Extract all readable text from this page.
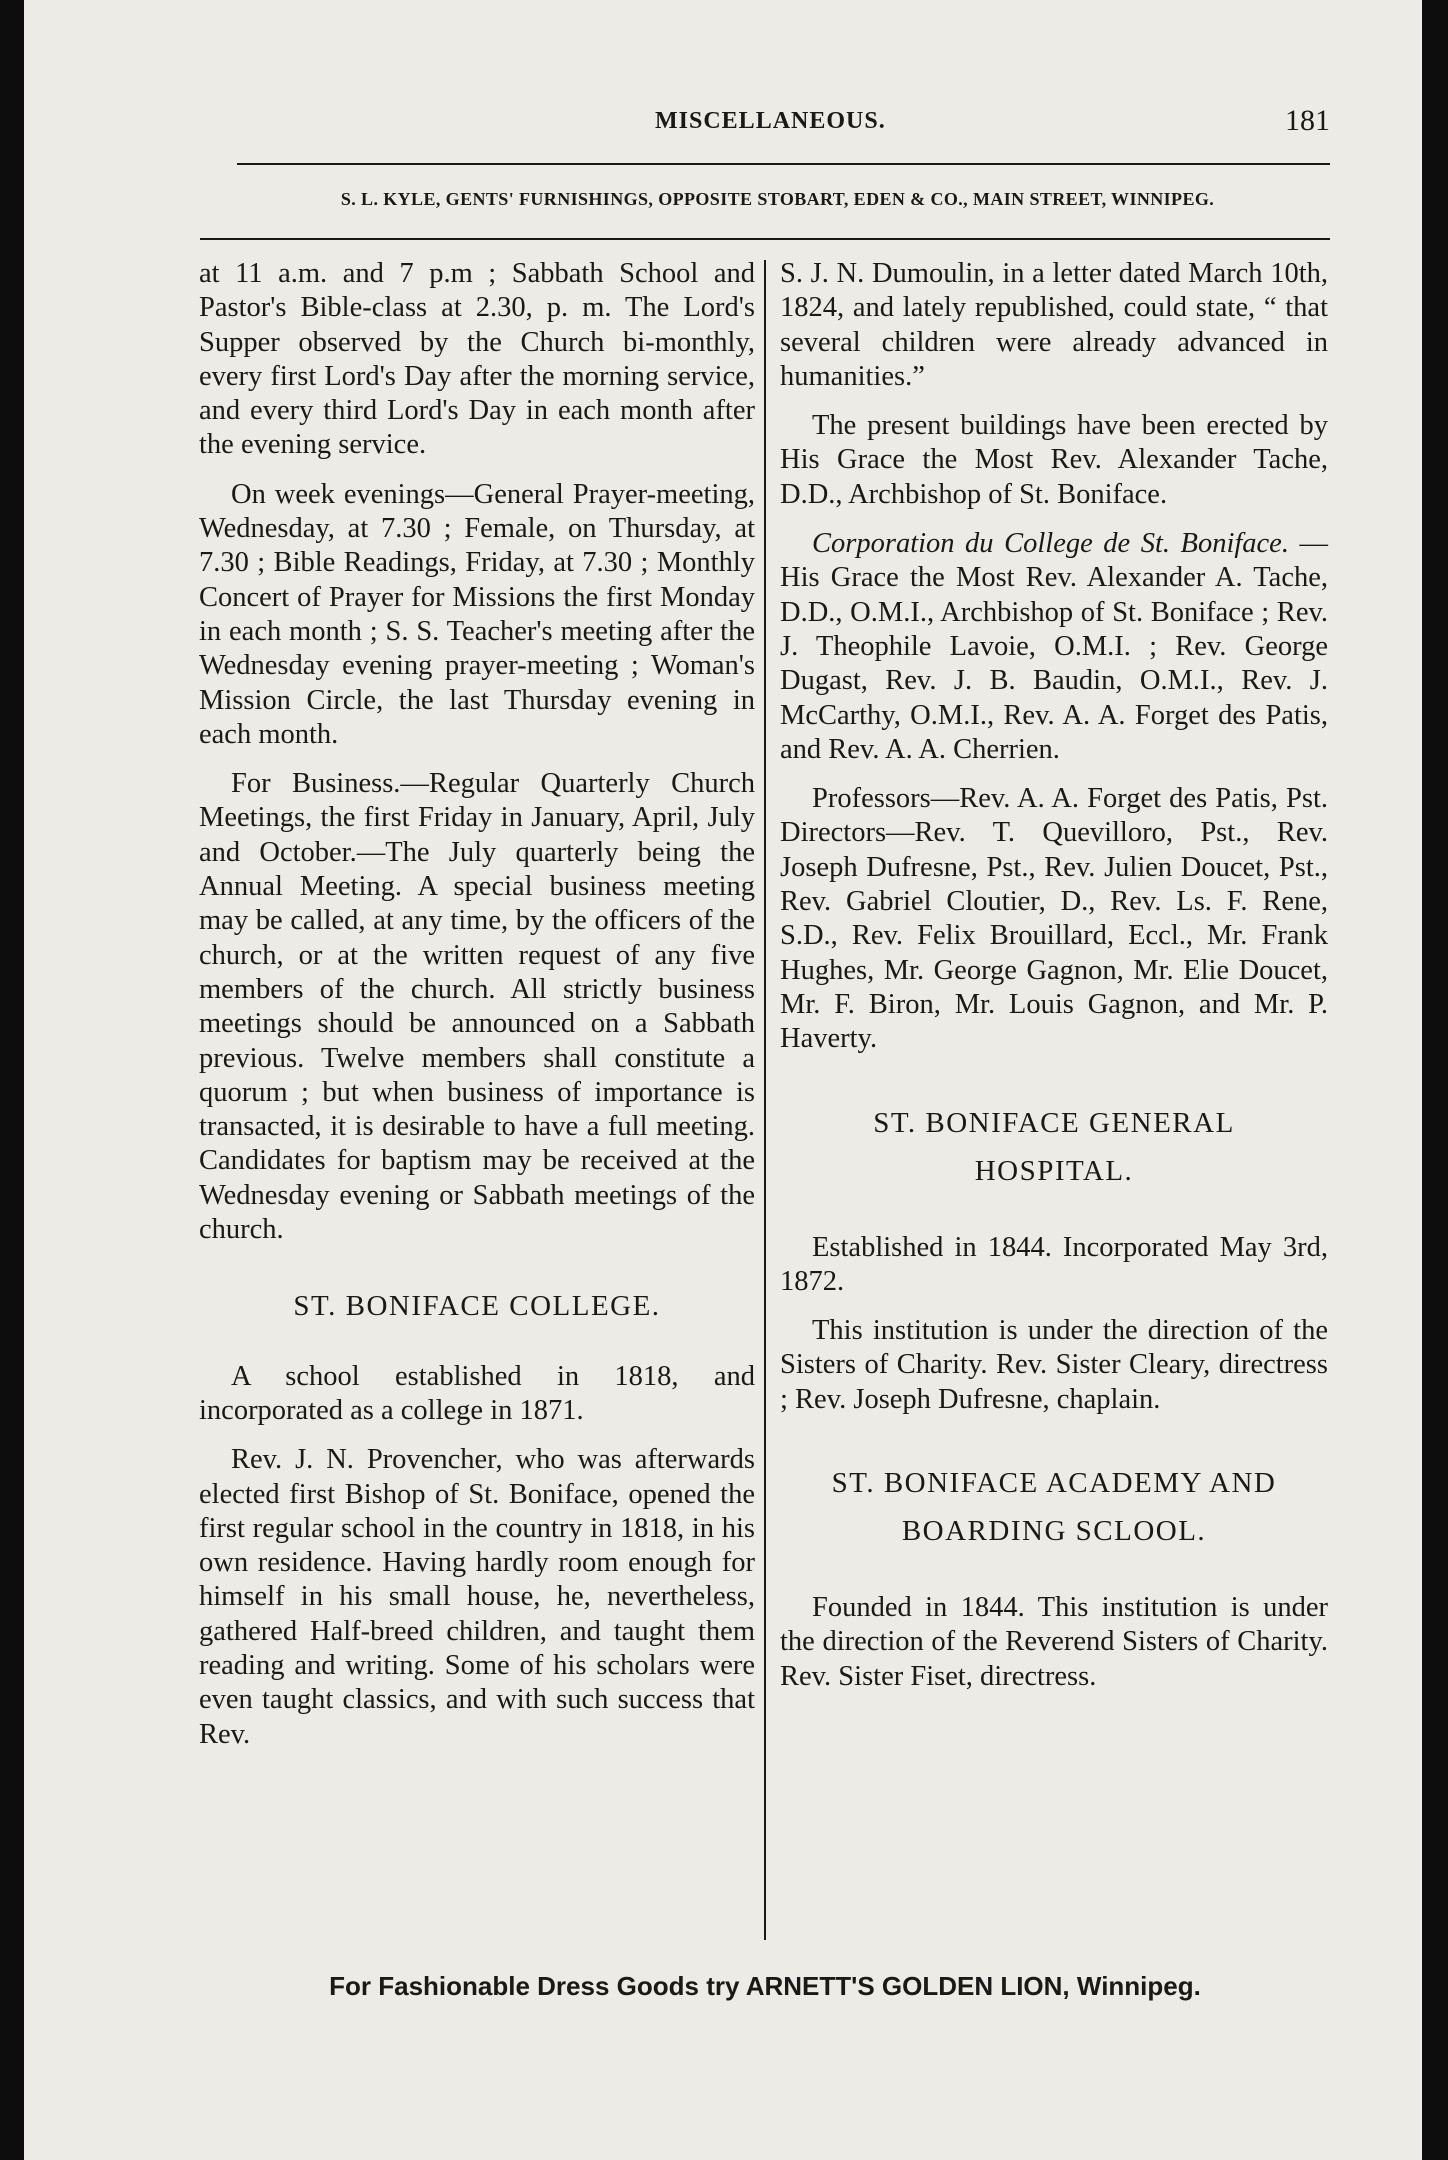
MISCELLANEOUS.	181
S. L. KYLE, GENTS' FURNISHINGS, OPPOSITE STOBART, EDEN & CO., MAIN STREET, WINNIPEG.

at 11 a.m. and 7 p.m ; Sabbath School and Pastor's Bible-class at 2.30, p. m. The Lord's Supper observed by the Church bi-monthly, every first Lord's Day after the morning service, and every third Lord's Day in each month after the evening service.

On week evenings—General Prayer-meeting, Wednesday, at 7.30 ; Female, on Thursday, at 7.30 ; Bible Readings, Friday, at 7.30 ; Monthly Concert of Prayer for Missions the first Monday in each month ; S. S. Teacher's meeting after the Wednesday evening prayer-meeting ; Woman's Mission Circle, the last Thursday evening in each month.

For Business.—Regular Quarterly Church Meetings, the first Friday in January, April, July and October.—The July quarterly being the Annual Meeting. A special business meeting may be called, at any time, by the officers of the church, or at the written request of any five members of the church. All strictly business meetings should be announced on a Sabbath previous. Twelve members shall constitute a quorum ; but when business of importance is transacted, it is desirable to have a full meeting. Candidates for baptism may be received at the Wednesday evening or Sabbath meetings of the church.

ST. BONIFACE COLLEGE.

A school established in 1818, and incorporated as a college in 1871.

Rev. J. N. Provencher, who was afterwards elected first Bishop of St. Boniface, opened the first regular school in the country in 1818, in his own residence. Having hardly room enough for himself in his small house, he, nevertheless, gathered Half-breed children, and taught them reading and writing. Some of his scholars were even taught classics, and with such success that Rev.

S. J. N. Dumoulin, in a letter dated March 10th, 1824, and lately republished, could state, “ that several children were already advanced in humanities.”

The present buildings have been erected by His Grace the Most Rev. Alexander Tache, D.D., Archbishop of St. Boniface.

Corporation du College de St. Boniface. —His Grace the Most Rev. Alexander A. Tache, D.D., O.M.I., Archbishop of St. Boniface ; Rev. J. Theophile Lavoie, O.M.I. ; Rev. George Dugast, Rev. J. B. Baudin, O.M.I., Rev. J. McCarthy, O.M.I., Rev. A. A. Forget des Patis, and Rev. A. A. Cherrien.

Professors—Rev. A. A. Forget des Patis, Pst. Directors—Rev. T. Quevilloro, Pst., Rev. Joseph Dufresne, Pst., Rev. Julien Doucet, Pst., Rev. Gabriel Cloutier, D., Rev. Ls. F. Rene, S.D., Rev. Felix Brouillard, Eccl., Mr. Frank Hughes, Mr. George Gagnon, Mr. Elie Doucet, Mr. F. Biron, Mr. Louis Gagnon, and Mr. P. Haverty.

ST. BONIFACE GENERAL
HOSPITAL.

Established in 1844. Incorporated May 3rd, 1872.

This institution is under the direction of the Sisters of Charity. Rev. Sister Cleary, directress ; Rev. Joseph Dufresne, chaplain.

ST. BONIFACE ACADEMY AND
BOARDING SCLOOL.

Founded in 1844. This institution is under the direction of the Reverend Sisters of Charity. Rev. Sister Fiset, directress.

For Fashionable Dress Goods try ARNETT'S GOLDEN LION, Winnipeg.
